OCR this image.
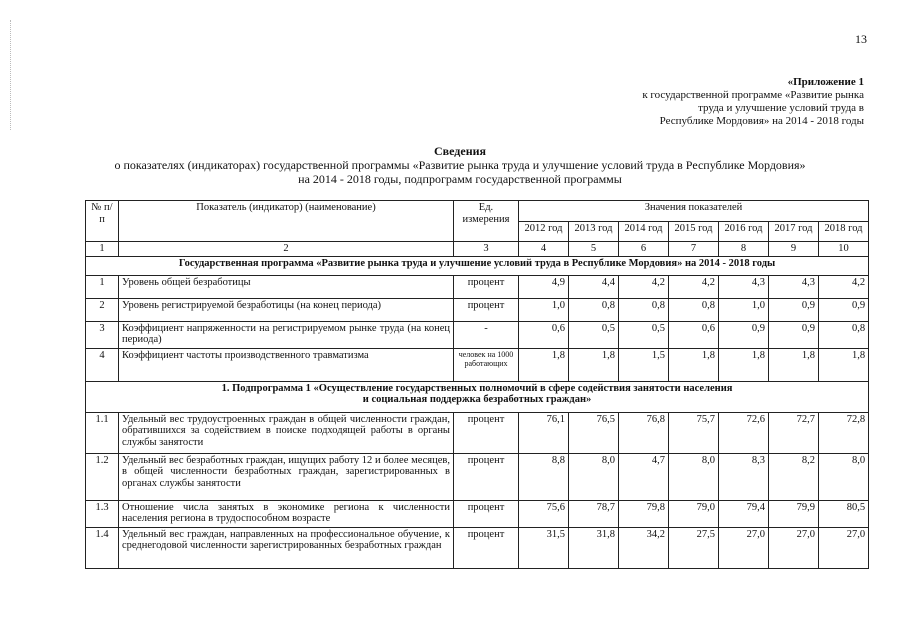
13
«Приложение 1
к государственной программе «Развитие рынка
труда и улучшение условий труда в
Республике Мордовия» на 2014 - 2018 годы
Сведения
о показателях (индикаторах) государственной программы «Развитие рынка труда и улучшение условий труда в Республике Мордовия»
на 2014 - 2018 годы, подпрограмм государственной программы
№ п/п	Показатель (индикатор) (наименование)	Ед. измерения	Значения показателей						
			2012 год	2013 год	2014 год	2015 год	2016 год	2017 год	2018 год
1	2	3	4	5	6	7	8	9	10
Государственная программа «Развитие рынка труда и улучшение условий труда в Республике Мордовия» на 2014 - 2018 годы									
1	Уровень общей безработицы	процент	4,9	4,4	4,2	4,2	4,3	4,3	4,2
2	Уровень регистрируемой безработицы (на конец периода)	процент	1,0	0,8	0,8	0,8	1,0	0,9	0,9
3	Коэффициент напряженности на регистрируемом рынке труда (на конец периода)	-	0,6	0,5	0,5	0,6	0,9	0,9	0,8
4	Коэффициент частоты производственного травматизма	человек на 1000 работающих	1,8	1,8	1,5	1,8	1,8	1,8	1,8

1. Подпрограмма 1 «Осуществление государственных полномочий в сфере содействия занятости населения
и социальная поддержка безработных граждан»									

1.1	Удельный вес трудоустроенных граждан в общей численности граждан, обратившихся за содействием в поиске подходящей работы в органы службы занятости	процент	76,1	76,5	76,8	75,7	72,6	72,7	72,8
1.2	Удельный вес безработных граждан, ищущих работу 12 и более месяцев, в общей численности безработных граждан, зарегистрированных в органах службы занятости	процент	8,8	8,0	4,7	8,0	8,3	8,2	8,0
1.3	Отношение числа занятых в экономике региона к численности населения региона в трудоспособном возрасте	процент	75,6	78,7	79,8	79,0	79,4	79,9	80,5
1.4	Удельный вес граждан, направленных на профессиональное обучение, к среднегодовой численности зарегистрированных безработных граждан	процент	31,5	31,8	34,2	27,5	27,0	27,0	27,0
